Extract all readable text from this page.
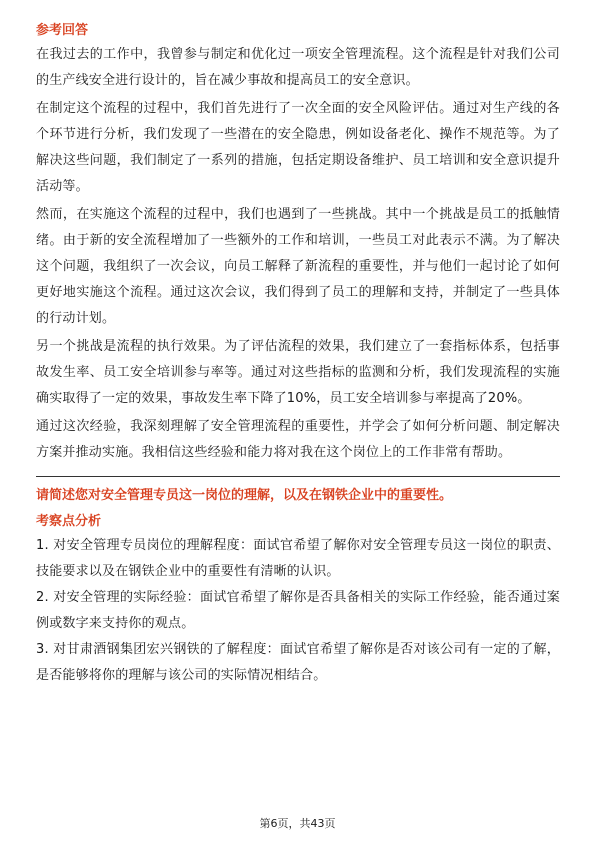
参考回答

在我过去的工作中，我曾参与制定和优化过一项安全管理流程。这个流程是针对我们公司的生产线安全进行设计的，旨在减少事故和提高员工的安全意识。

在制定这个流程的过程中，我们首先进行了一次全面的安全风险评估。通过对生产线的各个环节进行分析，我们发现了一些潜在的安全隐患，例如设备老化、操作不规范等。为了解决这些问题，我们制定了一系列的措施，包括定期设备维护、员工培训和安全意识提升活动等。

然而，在实施这个流程的过程中，我们也遇到了一些挑战。其中一个挑战是员工的抵触情绪。由于新的安全流程增加了一些额外的工作和培训，一些员工对此表示不满。为了解决这个问题，我组织了一次会议，向员工解释了新流程的重要性，并与他们一起讨论了如何更好地实施这个流程。通过这次会议，我们得到了员工的理解和支持，并制定了一些具体的行动计划。

另一个挑战是流程的执行效果。为了评估流程的效果，我们建立了一套指标体系，包括事故发生率、员工安全培训参与率等。通过对这些指标的监测和分析，我们发现流程的实施确实取得了一定的效果，事故发生率下降了10%，员工安全培训参与率提高了20%。

通过这次经验，我深刻理解了安全管理流程的重要性，并学会了如何分析问题、制定解决方案并推动实施。我相信这些经验和能力将对我在这个岗位上的工作非常有帮助。

请简述您对安全管理专员这一岗位的理解，以及在钢铁企业中的重要性。
考察点分析

1. 对安全管理专员岗位的理解程度：面试官希望了解你对安全管理专员这一岗位的职责、技能要求以及在钢铁企业中的重要性有清晰的认识。

2. 对安全管理的实际经验：面试官希望了解你是否具备相关的实际工作经验，能否通过案例或数字来支持你的观点。

3. 对甘肃酒钢集团宏兴钢铁的了解程度：面试官希望了解你是否对该公司有一定的了解，是否能够将你的理解与该公司的实际情况相结合。

第6页，共43页
